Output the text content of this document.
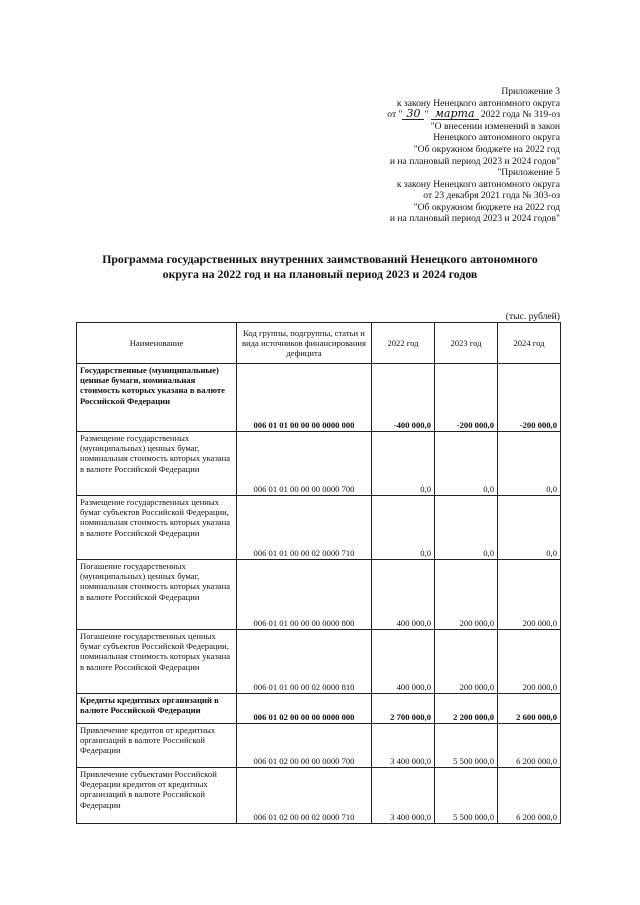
Приложение 3
к закону Ненецкого автономного округа
от " 30 " марта 2022 года № 319-оз
"О внесении изменений в закон
Ненецкого автономного округа
"Об окружном бюджете на 2022 год
и на плановый период 2023 и 2024 годов"
"Приложение 5
к закону Ненецкого автономного округа
от 23 декабря 2021 года № 303-оз
"Об окружном бюджете на 2022 год
и на плановый период 2023 и 2024 годов"
Программа государственных внутренних заимствований Ненецкого автономного
округа на 2022 год и на плановый период 2023 и 2024 годов
(тыс. рублей)
Наименование	Код группы, подгруппы, статьи и вида источников финансирования дефицита	2022 год	2023 год	2024 год
Государственные (муниципальные) ценные бумаги, номинальная стоимость которых указана в валюте Российской Федерации	006 01 01 00 00 00 0000 000	-400 000,0	-200 000,0	-200 000,0
Размещение государственных (муниципальных) ценных бумаг, номинальная стоимость которых указана в валюте Российской Федерации	006 01 01 00 00 00 0000 700	0,0	0,0	0,0
Размещение государственных ценных бумаг субъектов Российской Федерации, номинальная стоимость которых указана в валюте Российской Федерации	006 01 01 00 00 02 0000 710	0,0	0,0	0,0
Погашение государственных (муниципальных) ценных бумаг, номинальная стоимость которых указана в валюте Российской Федерации	006 01 01 00 00 00 0000 800	400 000,0	200 000,0	200 000,0
Погашение государственных ценных бумаг субъектов Российской Федерации, номинальная стоимость которых указана в валюте Российской Федерации	006 01 01 00 00 02 0000 810	400 000,0	200 000,0	200 000,0
Кредиты кредитных организаций в валюте Российской Федерации	006 01 02 00 00 00 0000 000	2 700 000,0	2 200 000,0	2 600 000,0
Привлечение кредитов от кредитных организаций в валюте Российской Федерации	006 01 02 00 00 00 0000 700	3 400 000,0	5 500 000,0	6 200 000,0
Привлечение субъектами Российской Федерации кредитов от кредитных организаций в валюте Российской Федерации	006 01 02 00 00 02 0000 710	3 400 000,0	5 500 000,0	6 200 000,0
